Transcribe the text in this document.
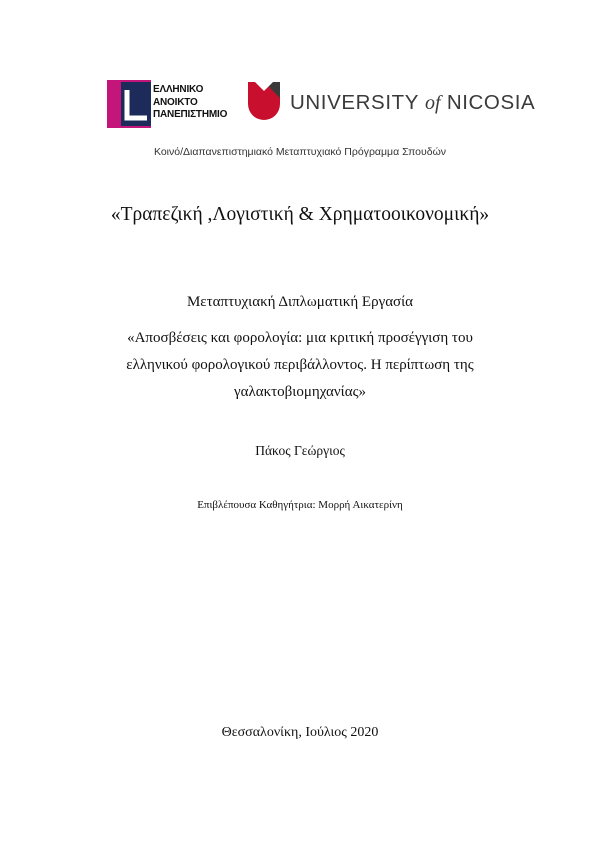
ΕΛΛΗΝΙΚΟ
ΑΝΟΙΚΤΟ
ΠΑΝΕΠΙΣΤΗΜΙΟ
UNIVERSITY of NICOSIA
Κοινό/Διαπανεπιστημιακό Μεταπτυχιακό Πρόγραμμα Σπουδών
«Τραπεζική ,Λογιστική & Χρηματοοικονομική»
Μεταπτυχιακή Διπλωματική Εργασία
«Αποσβέσεις και φορολογία: μια κριτική προσέγγιση του
ελληνικού φορολογικού περιβάλλοντος. Η περίπτωση της
γαλακτοβιομηχανίας»
Πάκος Γεώργιος
Επιβλέπουσα Καθηγήτρια: Μορρή Αικατερίνη
Θεσσαλονίκη, Ιούλιος 2020
